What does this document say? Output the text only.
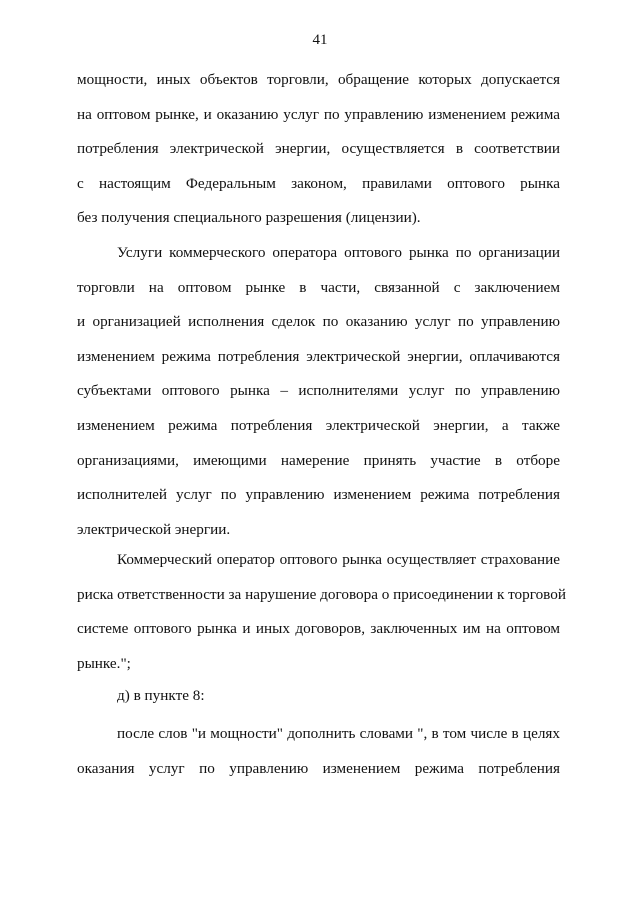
41
мощности, иных объектов торговли, обращение которых допускается
на оптовом рынке, и оказанию услуг по управлению изменением режима
потребления электрической энергии, осуществляется в соответствии
с настоящим Федеральным законом, правилами оптового рынка
без получения специального разрешения (лицензии).
Услуги коммерческого оператора оптового рынка по организации
торговли на оптовом рынке в части, связанной с заключением
и организацией исполнения сделок по оказанию услуг по управлению
изменением режима потребления электрической энергии, оплачиваются
субъектами оптового рынка – исполнителями услуг по управлению
изменением режима потребления электрической энергии, а также
организациями, имеющими намерение принять участие в отборе
исполнителей услуг по управлению изменением режима потребления
электрической энергии.
Коммерческий оператор оптового рынка осуществляет страхование
риска ответственности за нарушение договора о присоединении к торговой
системе оптового рынка и иных договоров, заключенных им на оптовом
рынке.";
д) в пункте 8:
после слов "и мощности" дополнить словами ", в том числе в целях
оказания услуг по управлению изменением режима потребления
